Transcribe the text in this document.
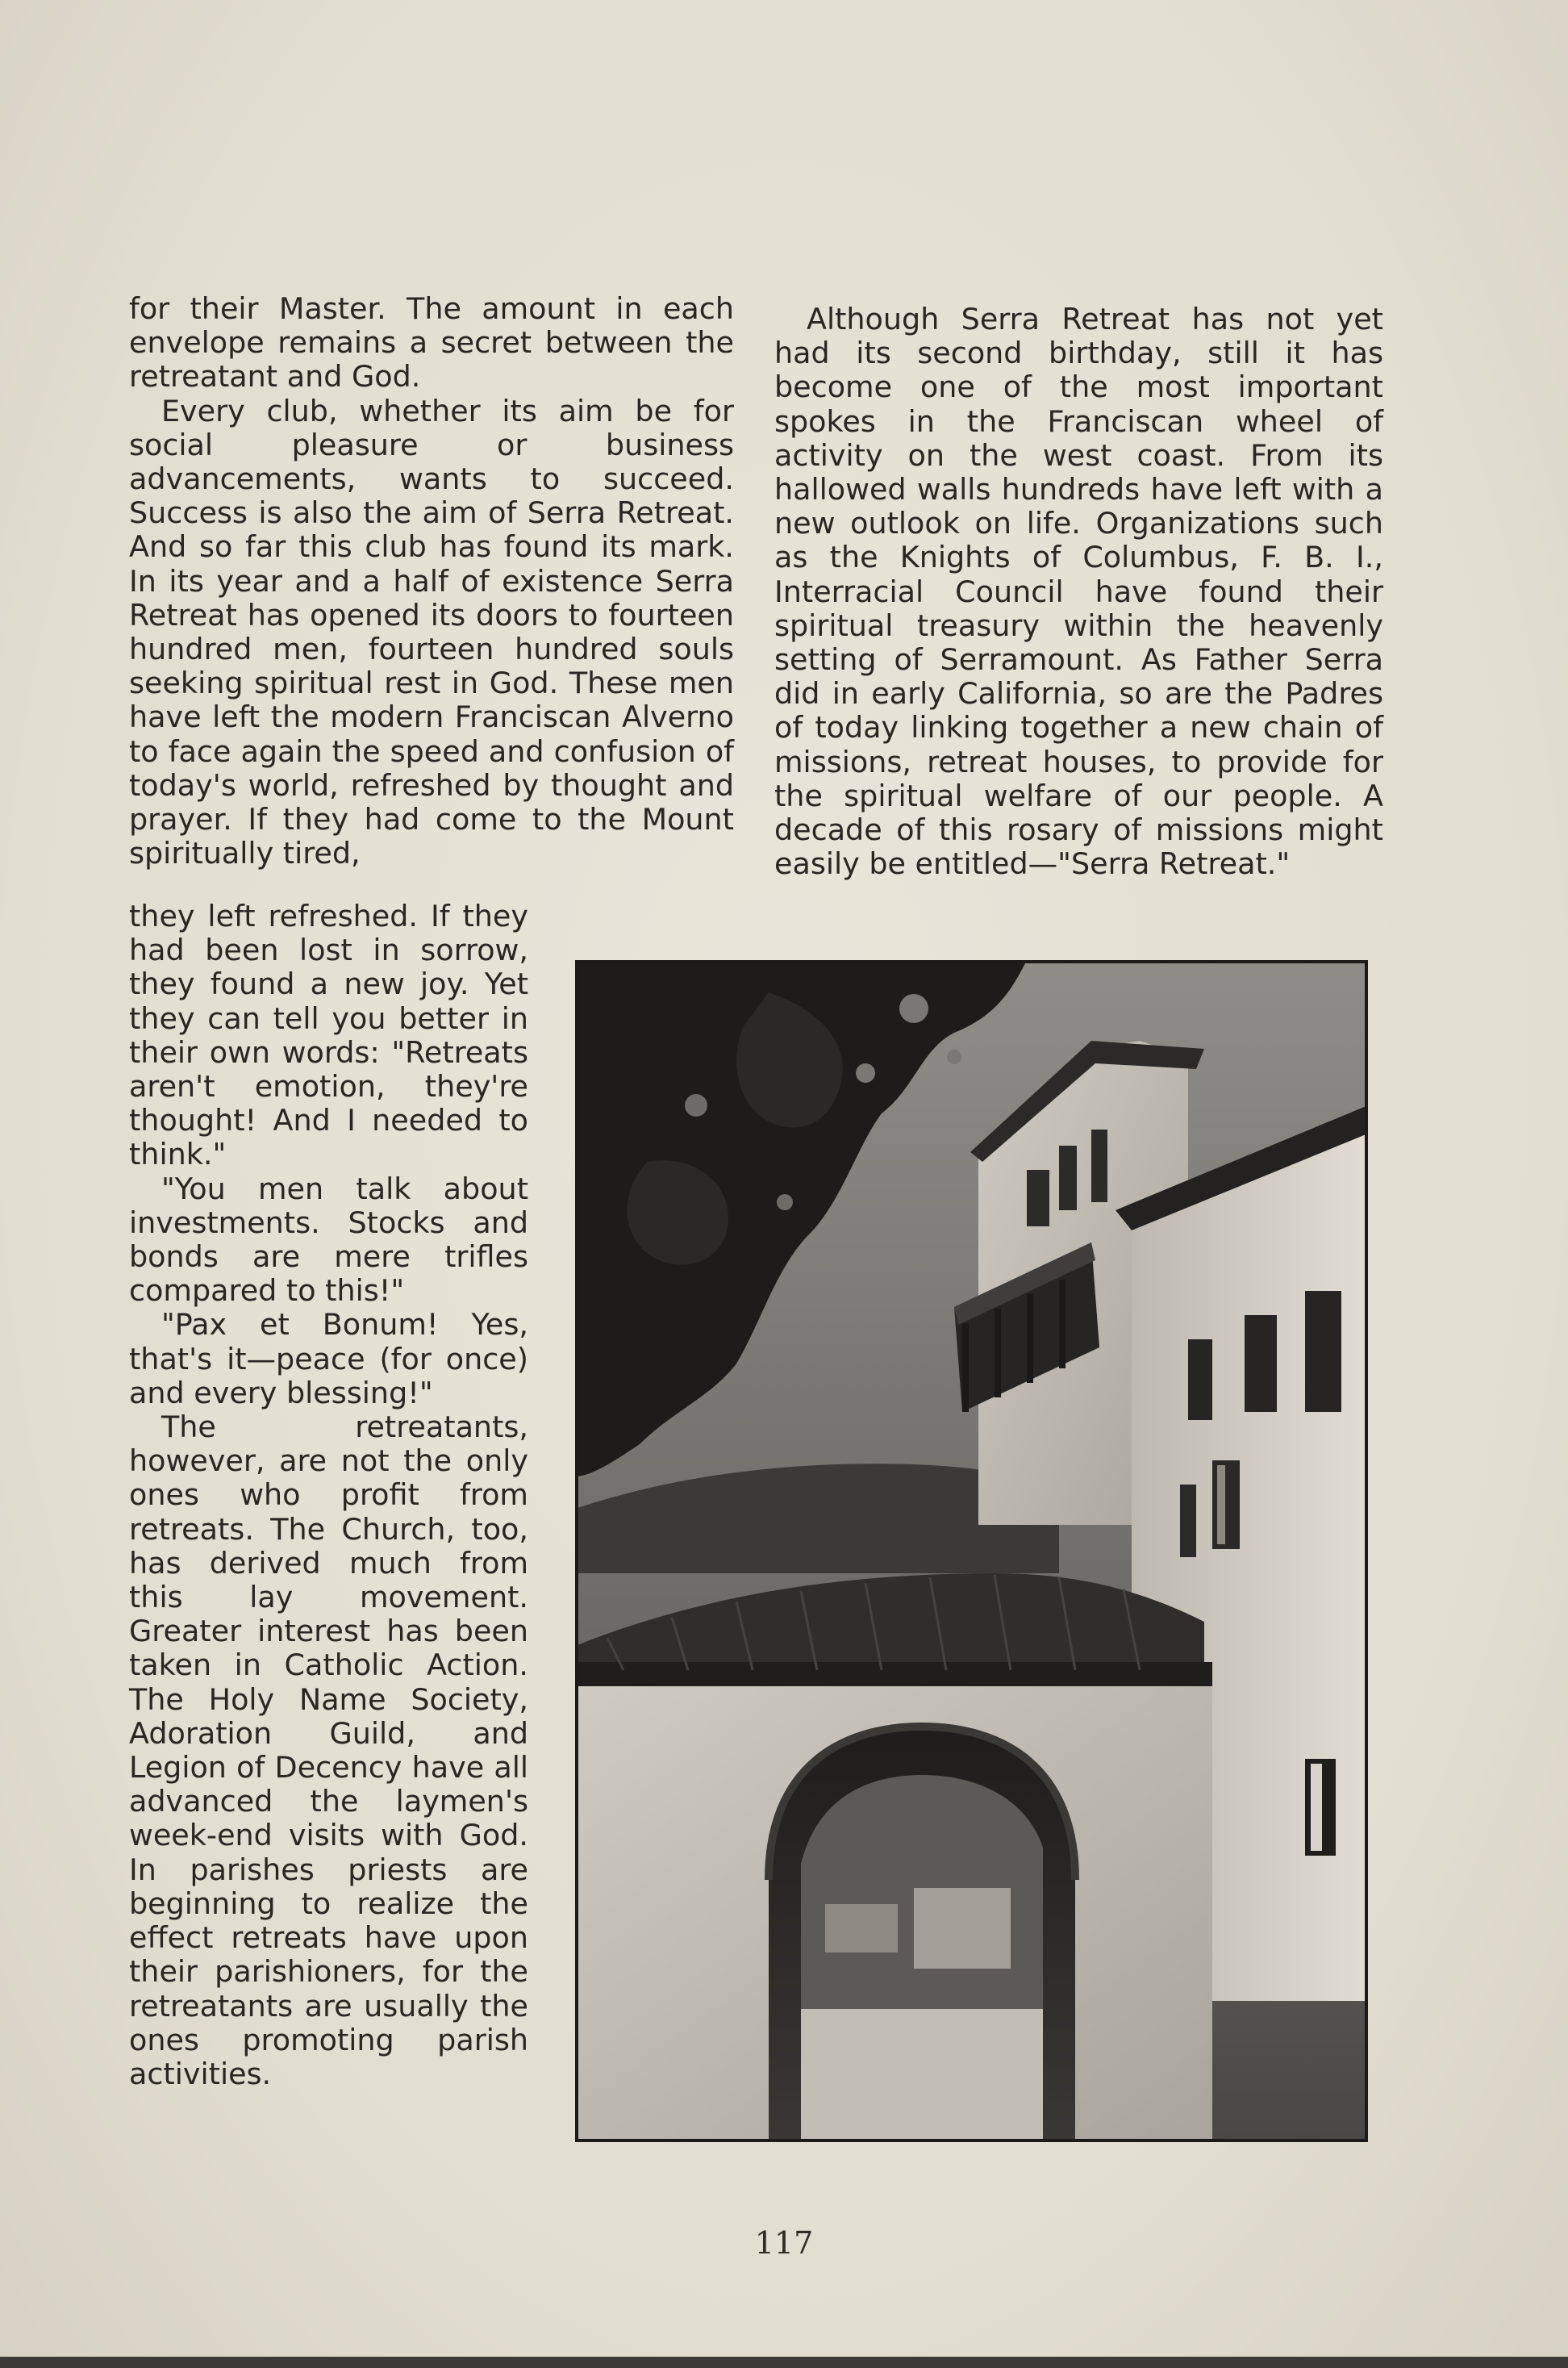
for their Master. The amount in each envelope remains a secret between the retreatant and God.

Every club, whether its aim be for social pleasure or business advancements, wants to succeed. Success is also the aim of Serra Retreat. And so far this club has found its mark. In its year and a half of existence Serra Retreat has opened its doors to fourteen hundred men, fourteen hundred souls seeking spiritual rest in God. These men have left the modern Franciscan Alverno to face again the speed and confusion of today's world, refreshed by thought and prayer. If they had come to the Mount spiritually tired,

they left refreshed. If they had been lost in sorrow, they found a new joy. Yet they can tell you better in their own words: "Retreats aren't emotion, they're thought! And I needed to think."

"You men talk about investments. Stocks and bonds are mere trifles compared to this!"

"Pax et Bonum! Yes, that's it—peace (for once) and every blessing!"

The retreatants, however, are not the only ones who profit from retreats. The Church, too, has derived much from this lay movement. Greater interest has been taken in Catholic Action. The Holy Name Society, Adoration Guild, and Legion of Decency have all advanced the laymen's week-end visits with God. In parishes priests are beginning to realize the effect retreats have upon their parishioners, for the retreatants are usually the ones promoting parish activities.

Although Serra Retreat has not yet had its second birthday, still it has become one of the most important spokes in the Franciscan wheel of activity on the west coast. From its hallowed walls hundreds have left with a new outlook on life. Organizations such as the Knights of Columbus, F. B. I., Interracial Council have found their spiritual treasury within the heavenly setting of Serramount. As Father Serra did in early California, so are the Padres of today linking together a new chain of missions, retreat houses, to provide for the spiritual welfare of our people. A decade of this rosary of missions might easily be entitled—"Serra Retreat."

117
